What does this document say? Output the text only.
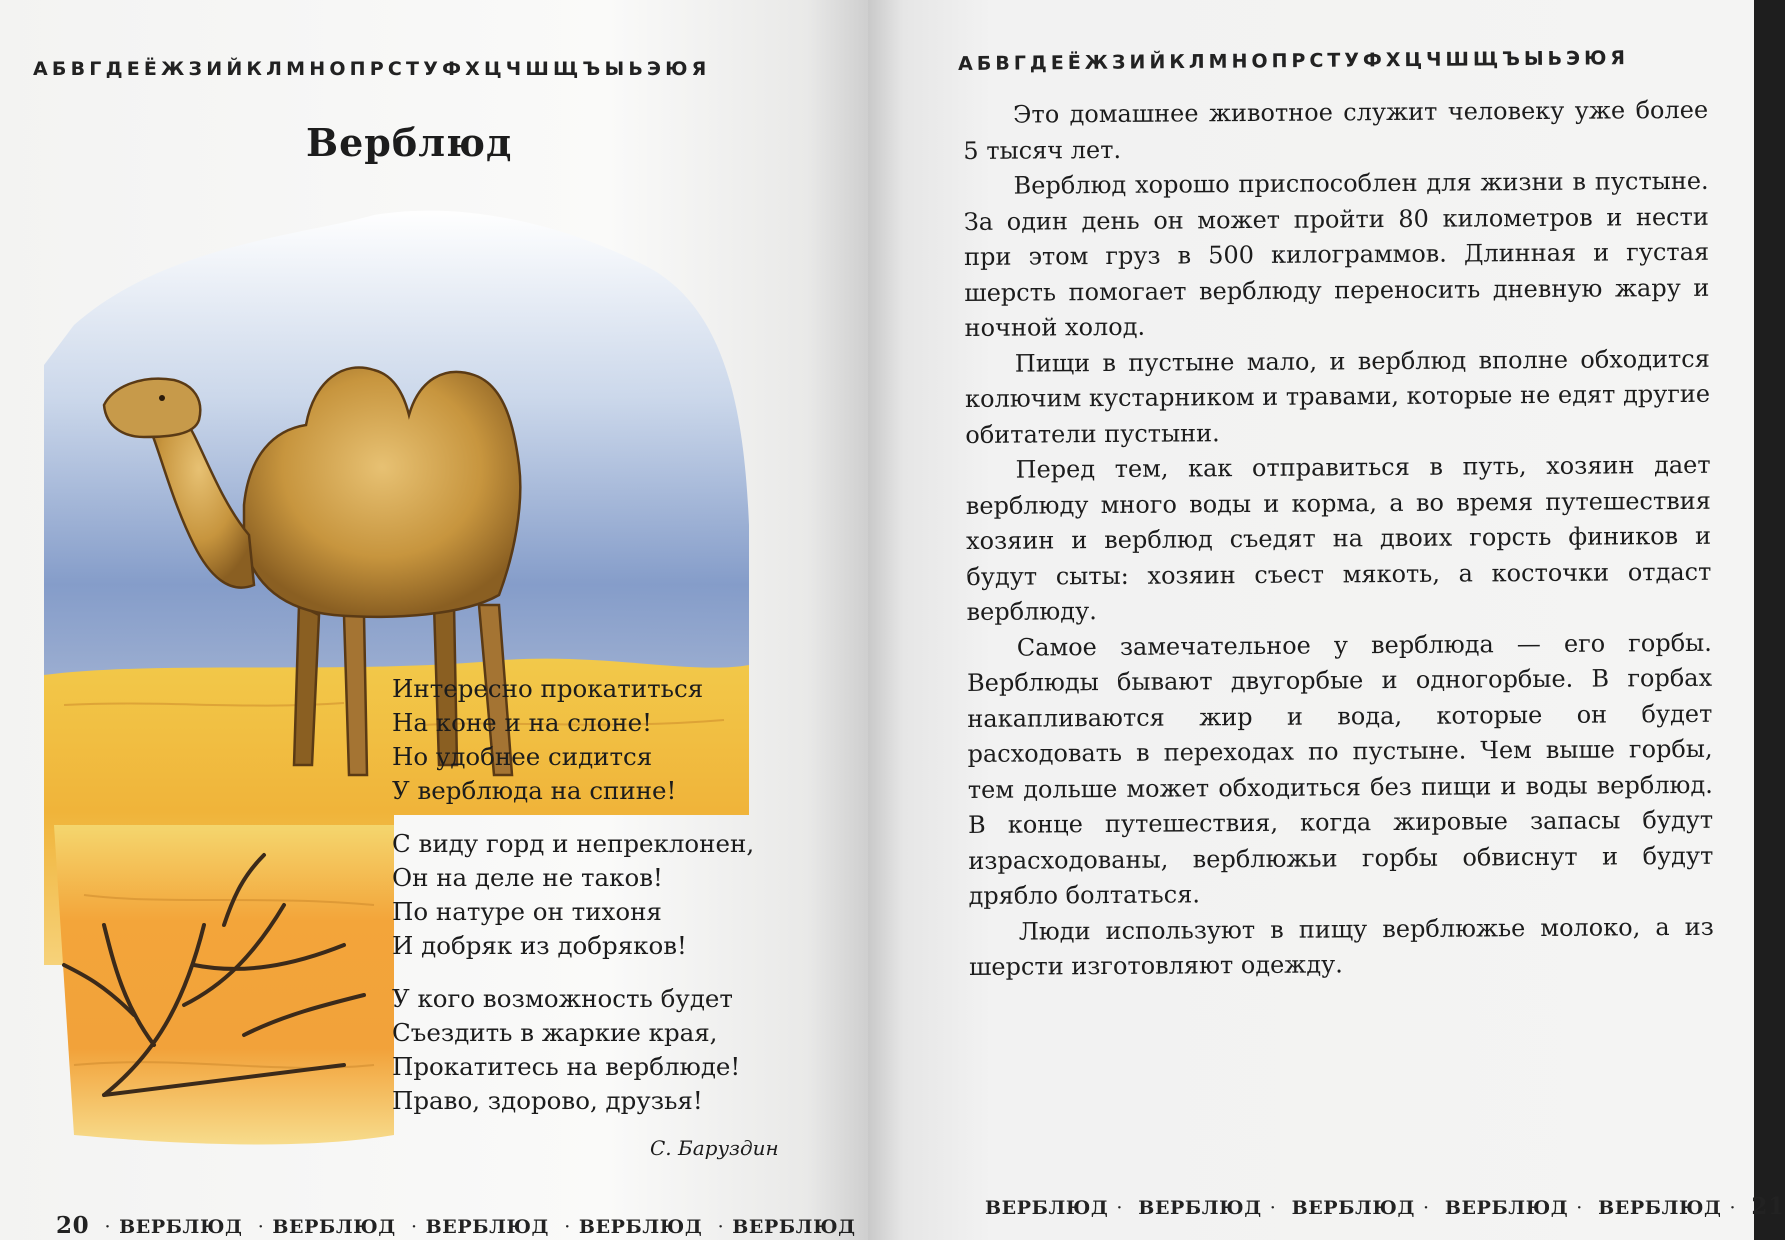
АБВГДЕЁЖЗИЙКЛМНОПРСТУФХЦЧШЩЪЫЬЭЮЯ
Верблюд
Интересно прокатиться
На коне и на слоне!
Но удобнее сидится
У верблюда на спине!
С виду горд и непреклонен,
Он на деле не таков!
По натуре он тихоня
И добряк из добряков!
У кого возможность будет
Съездить в жаркие края,
Прокатитесь на верблюде!
Право, здорово, друзья!
С. Баруздин
20 · ВЕРБЛЮД · ВЕРБЛЮД · ВЕРБЛЮД · ВЕРБЛЮД · ВЕРБЛЮД
АБВГДЕЁЖЗИЙКЛМНОПРСТУФХЦЧШЩЪЫЬЭЮЯ

Это домашнее животное служит человеку уже более 5 тысяч лет.

Верблюд хорошо приспособлен для жизни в пустыне. За один день он может пройти 80 километров и нести при этом груз в 500 килограммов. Длинная и густая шерсть помогает верблюду переносить дневную жару и ночной холод.

Пищи в пустыне мало, и верблюд вполне обходится колючим кустарником и травами, которые не едят другие обитатели пустыни.

Перед тем, как отправиться в путь, хозяин дает верблюду много воды и корма, а во время путешествия хозяин и верблюд съедят на двоих горсть фиников и будут сыты: хозяин съест мякоть, а косточки отдаст верблюду.

Самое замечательное у верблюда — его горбы. Верблюды бывают двугорбые и одногорбые. В горбах накапливаются жир и вода, которые он будет расходовать в переходах по пустыне. Чем выше горбы, тем дольше может обходиться без пищи и воды верблюд. В конце путешествия, когда жировые запасы будут израсходованы, верблюжьи горбы обвиснут и будут дрябло болтаться.

Люди используют в пищу верблюжье молоко, а из шерсти изготовляют одежду.

ВЕРБЛЮД · ВЕРБЛЮД · ВЕРБЛЮД · ВЕРБЛЮД · ВЕРБЛЮД · 21
